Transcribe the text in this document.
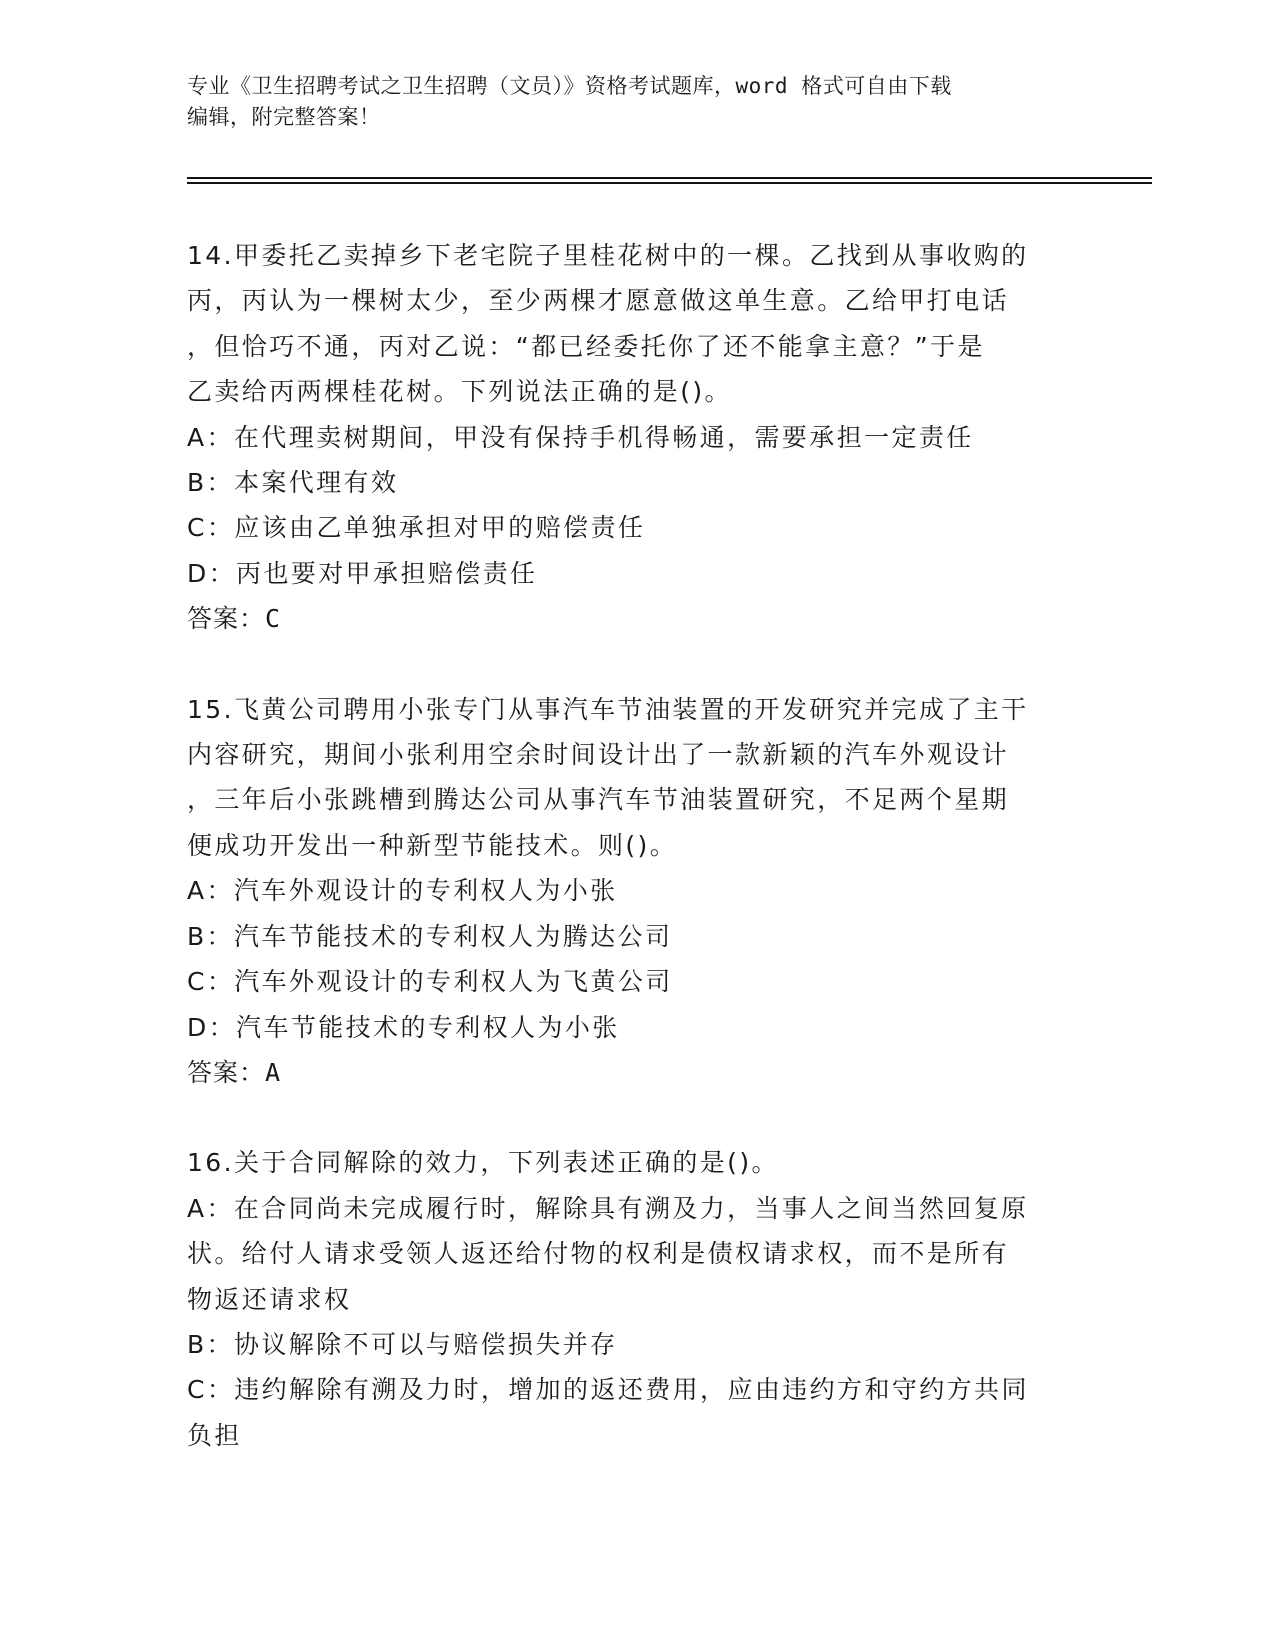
专业《卫生招聘考试之卫生招聘（文员）》资格考试题库，word 格式可自由下载
编辑，附完整答案！
14.甲委托乙卖掉乡下老宅院子里桂花树中的一棵。乙找到从事收购的
丙，丙认为一棵树太少，至少两棵才愿意做这单生意。乙给甲打电话
，但恰巧不通，丙对乙说：“都已经委托你了还不能拿主意？”于是
乙卖给丙两棵桂花树。下列说法正确的是()。
A：在代理卖树期间，甲没有保持手机得畅通，需要承担一定责任
B：本案代理有效
C：应该由乙单独承担对甲的赔偿责任
D：丙也要对甲承担赔偿责任
答案：C
15.飞黄公司聘用小张专门从事汽车节油装置的开发研究并完成了主干
内容研究，期间小张利用空余时间设计出了一款新颖的汽车外观设计
，三年后小张跳槽到腾达公司从事汽车节油装置研究，不足两个星期
便成功开发出一种新型节能技术。则()。
A：汽车外观设计的专利权人为小张
B：汽车节能技术的专利权人为腾达公司
C：汽车外观设计的专利权人为飞黄公司
D：汽车节能技术的专利权人为小张
答案：A
16.关于合同解除的效力，下列表述正确的是()。
A：在合同尚未完成履行时，解除具有溯及力，当事人之间当然回复原
状。给付人请求受领人返还给付物的权利是债权请求权，而不是所有
物返还请求权
B：协议解除不可以与赔偿损失并存
C：违约解除有溯及力时，增加的返还费用，应由违约方和守约方共同
负担
